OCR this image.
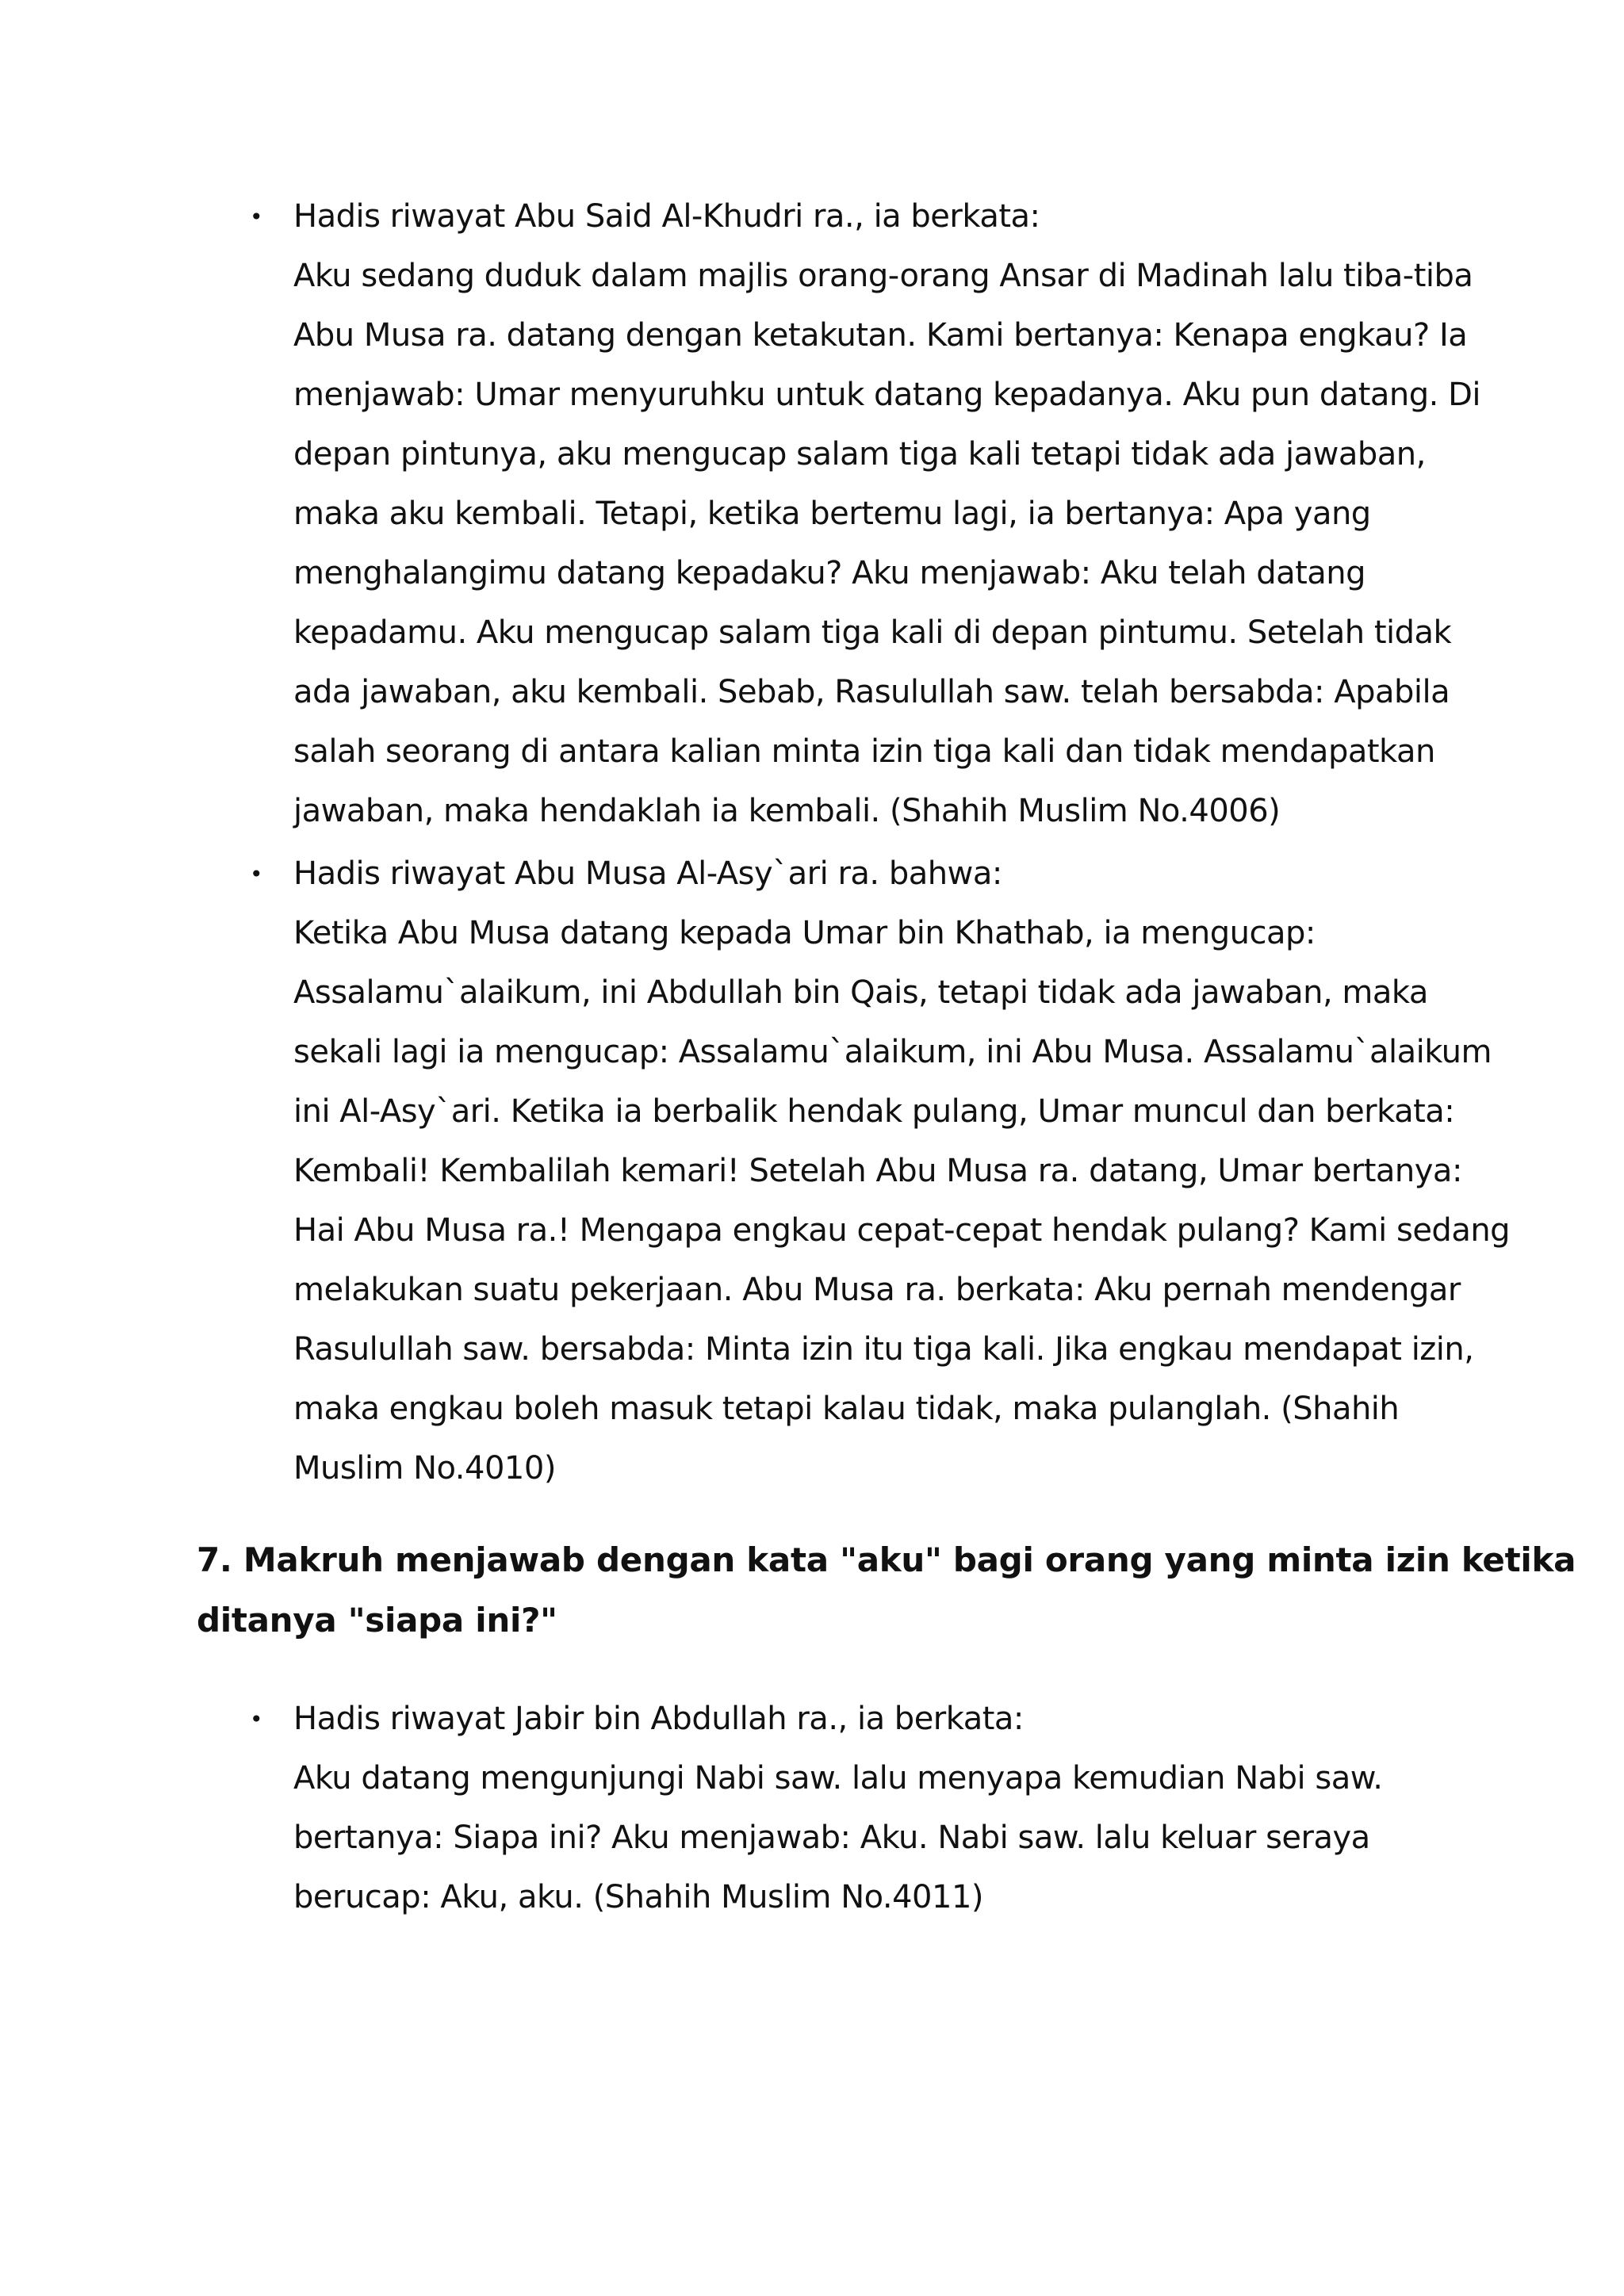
• Hadis riwayat Abu Said Al-Khudri ra., ia berkata:
Aku sedang duduk dalam majlis orang-orang Ansar di Madinah lalu tiba-tiba
Abu Musa ra. datang dengan ketakutan. Kami bertanya: Kenapa engkau? Ia
menjawab: Umar menyuruhku untuk datang kepadanya. Aku pun datang. Di
depan pintunya, aku mengucap salam tiga kali tetapi tidak ada jawaban,
maka aku kembali. Tetapi, ketika bertemu lagi, ia bertanya: Apa yang
menghalangimu datang kepadaku? Aku menjawab: Aku telah datang
kepadamu. Aku mengucap salam tiga kali di depan pintumu. Setelah tidak
ada jawaban, aku kembali. Sebab, Rasulullah saw. telah bersabda: Apabila
salah seorang di antara kalian minta izin tiga kali dan tidak mendapatkan
jawaban, maka hendaklah ia kembali. (Shahih Muslim No.4006)
• Hadis riwayat Abu Musa Al-Asy`ari ra. bahwa:
Ketika Abu Musa datang kepada Umar bin Khathab, ia mengucap:
Assalamu`alaikum, ini Abdullah bin Qais, tetapi tidak ada jawaban, maka
sekali lagi ia mengucap: Assalamu`alaikum, ini Abu Musa. Assalamu`alaikum
ini Al-Asy`ari. Ketika ia berbalik hendak pulang, Umar muncul dan berkata:
Kembali! Kembalilah kemari! Setelah Abu Musa ra. datang, Umar bertanya:
Hai Abu Musa ra.! Mengapa engkau cepat-cepat hendak pulang? Kami sedang
melakukan suatu pekerjaan. Abu Musa ra. berkata: Aku pernah mendengar
Rasulullah saw. bersabda: Minta izin itu tiga kali. Jika engkau mendapat izin,
maka engkau boleh masuk tetapi kalau tidak, maka pulanglah. (Shahih
Muslim No.4010)
7. Makruh menjawab dengan kata "aku" bagi orang yang minta izin ketika
ditanya "siapa ini?"
• Hadis riwayat Jabir bin Abdullah ra., ia berkata:
Aku datang mengunjungi Nabi saw. lalu menyapa kemudian Nabi saw.
bertanya: Siapa ini? Aku menjawab: Aku. Nabi saw. lalu keluar seraya
berucap: Aku, aku. (Shahih Muslim No.4011)
